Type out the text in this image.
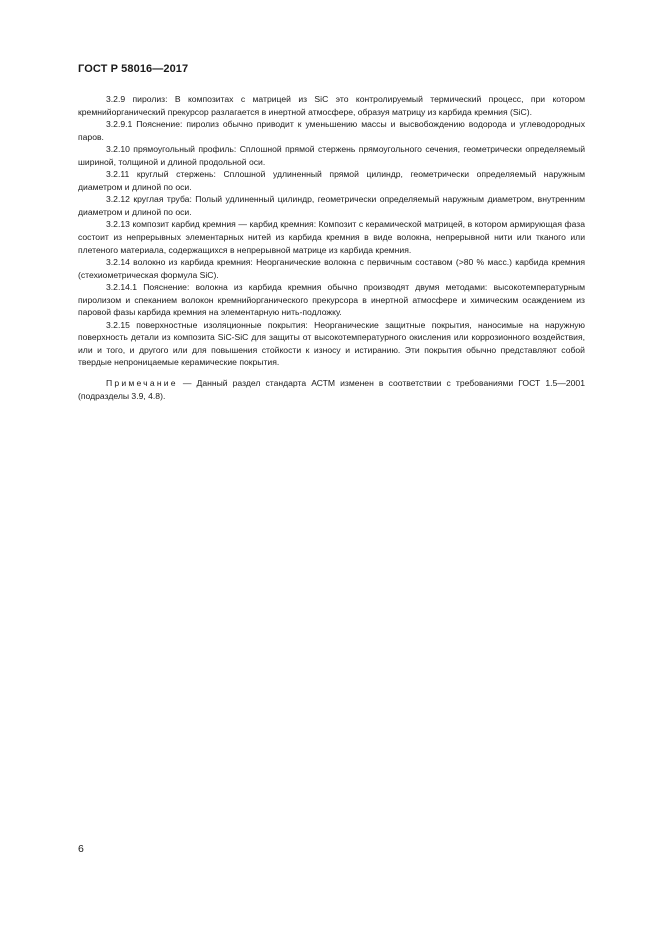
ГОСТ Р 58016—2017

3.2.9 пиролиз: В композитах с матрицей из SiC это контролируемый термический процесс, при котором кремнийорганический прекурсор разлагается в инертной атмосфере, образуя матрицу из карбида кремния (SiC).

3.2.9.1 Пояснение: пиролиз обычно приводит к уменьшению массы и высвобождению водорода и углеводородных паров.

3.2.10 прямоугольный профиль: Сплошной прямой стержень прямоугольного сечения, геометрически определяемый шириной, толщиной и длиной продольной оси.

3.2.11 круглый стержень: Сплошной удлиненный прямой цилиндр, геометрически определяемый наружным диаметром и длиной по оси.

3.2.12 круглая труба: Полый удлиненный цилиндр, геометрически определяемый наружным диаметром, внутренним диаметром и длиной по оси.

3.2.13 композит карбид кремния — карбид кремния: Композит с керамической матрицей, в котором армирующая фаза состоит из непрерывных элементарных нитей из карбида кремния в виде волокна, непрерывной нити или тканого или плетеного материала, содержащихся в непрерывной матрице из карбида кремния.

3.2.14 волокно из карбида кремния: Неорганические волокна с первичным составом (>80 % масс.) карбида кремния (стехиометрическая формула SiC).

3.2.14.1 Пояснение: волокна из карбида кремния обычно производят двумя методами: высокотемпературным пиролизом и спеканием волокон кремнийорганического прекурсора в инертной атмосфере и химическим осаждением из паровой фазы карбида кремния на элементарную нить-подложку.

3.2.15 поверхностные изоляционные покрытия: Неорганические защитные покрытия, наносимые на наружную поверхность детали из композита SiC-SiC для защиты от высокотемпературного окисления или коррозионного воздействия, или и того, и другого или для повышения стойкости к износу и истиранию. Эти покрытия обычно представляют собой твердые непроницаемые керамические покрытия.

Примечание — Данный раздел стандарта АСТМ изменен в соответствии с требованиями ГОСТ 1.5—2001 (подразделы 3.9, 4.8).

6
